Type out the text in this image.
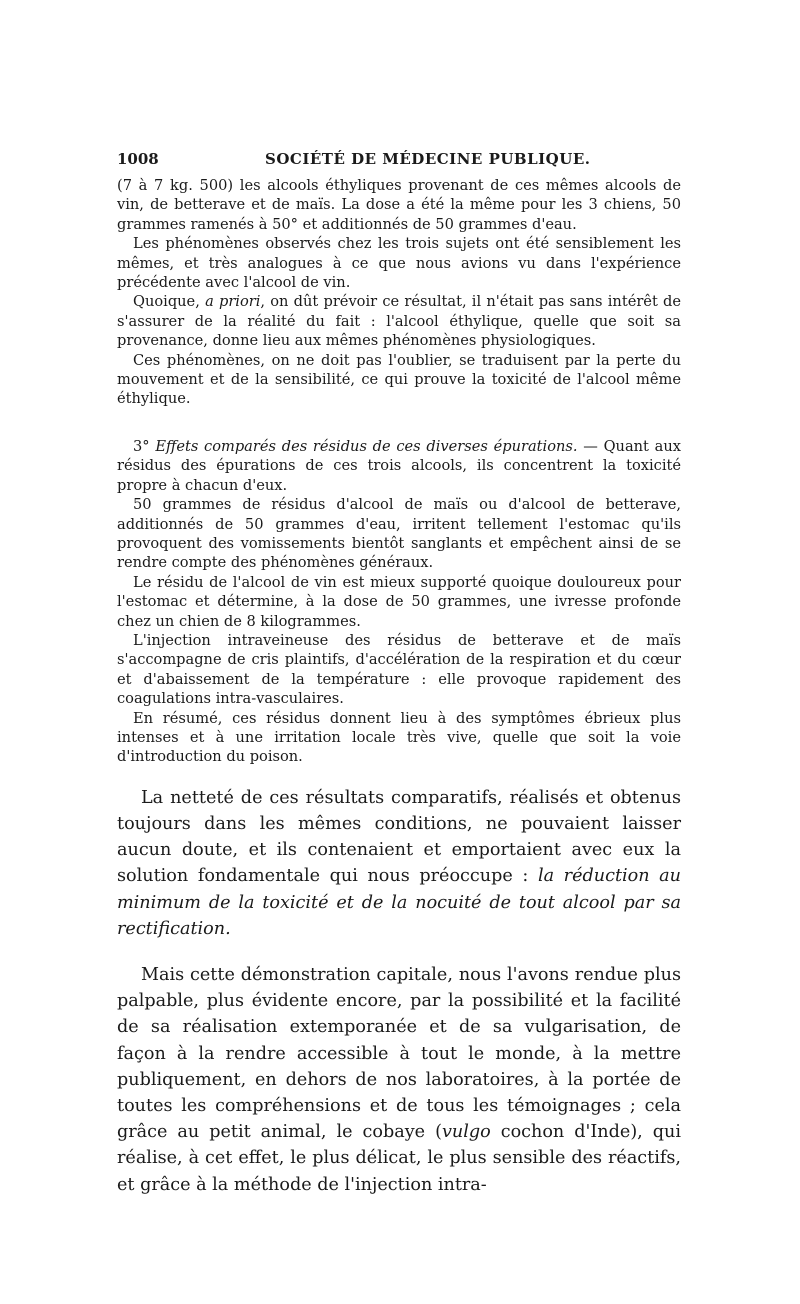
1008	SOCIÉTÉ DE MÉDECINE PUBLIQUE.

(7 à 7 kg. 500) les alcools éthyliques provenant de ces mêmes alcools de vin, de betterave et de maïs. La dose a été la même pour les 3 chiens, 50 grammes ramenés à 50° et additionnés de 50 grammes d'eau.

Les phénomènes observés chez les trois sujets ont été sensiblement les mêmes, et très analogues à ce que nous avions vu dans l'expérience précédente avec l'alcool de vin.

Quoique, a priori, on dût prévoir ce résultat, il n'était pas sans intérêt de s'assurer de la réalité du fait : l'alcool éthylique, quelle que soit sa provenance, donne lieu aux mêmes phénomènes physiologiques.

Ces phénomènes, on ne doit pas l'oublier, se traduisent par la perte du mouvement et de la sensibilité, ce qui prouve la toxicité de l'alcool même éthylique.

3° Effets comparés des résidus de ces diverses épurations. — Quant aux résidus des épurations de ces trois alcools, ils concentrent la toxicité propre à chacun d'eux.

50 grammes de résidus d'alcool de maïs ou d'alcool de betterave, additionnés de 50 grammes d'eau, irritent tellement l'estomac qu'ils provoquent des vomissements bientôt sanglants et empêchent ainsi de se rendre compte des phénomènes généraux.

Le résidu de l'alcool de vin est mieux supporté quoique douloureux pour l'estomac et détermine, à la dose de 50 grammes, une ivresse profonde chez un chien de 8 kilogrammes.

L'injection intraveineuse des résidus de betterave et de maïs s'accompagne de cris plaintifs, d'accélération de la respiration et du cœur et d'abaissement de la température : elle provoque rapidement des coagulations intra-vasculaires.

En résumé, ces résidus donnent lieu à des symptômes ébrieux plus intenses et à une irritation locale très vive, quelle que soit la voie d'introduction du poison.

La netteté de ces résultats comparatifs, réalisés et obtenus toujours dans les mêmes conditions, ne pouvaient laisser aucun doute, et ils contenaient et emportaient avec eux la solution fondamentale qui nous préoccupe : la réduction au minimum de la toxicité et de la nocuité de tout alcool par sa rectification.

Mais cette démonstration capitale, nous l'avons rendue plus palpable, plus évidente encore, par la possibilité et la facilité de sa réalisation extemporanée et de sa vulgarisation, de façon à la rendre accessible à tout le monde, à la mettre publiquement, en dehors de nos laboratoires, à la portée de toutes les compréhensions et de tous les témoignages ; cela grâce au petit animal, le cobaye (vulgo cochon d'Inde), qui réalise, à cet effet, le plus délicat, le plus sensible des réactifs, et grâce à la méthode de l'injection intra-
